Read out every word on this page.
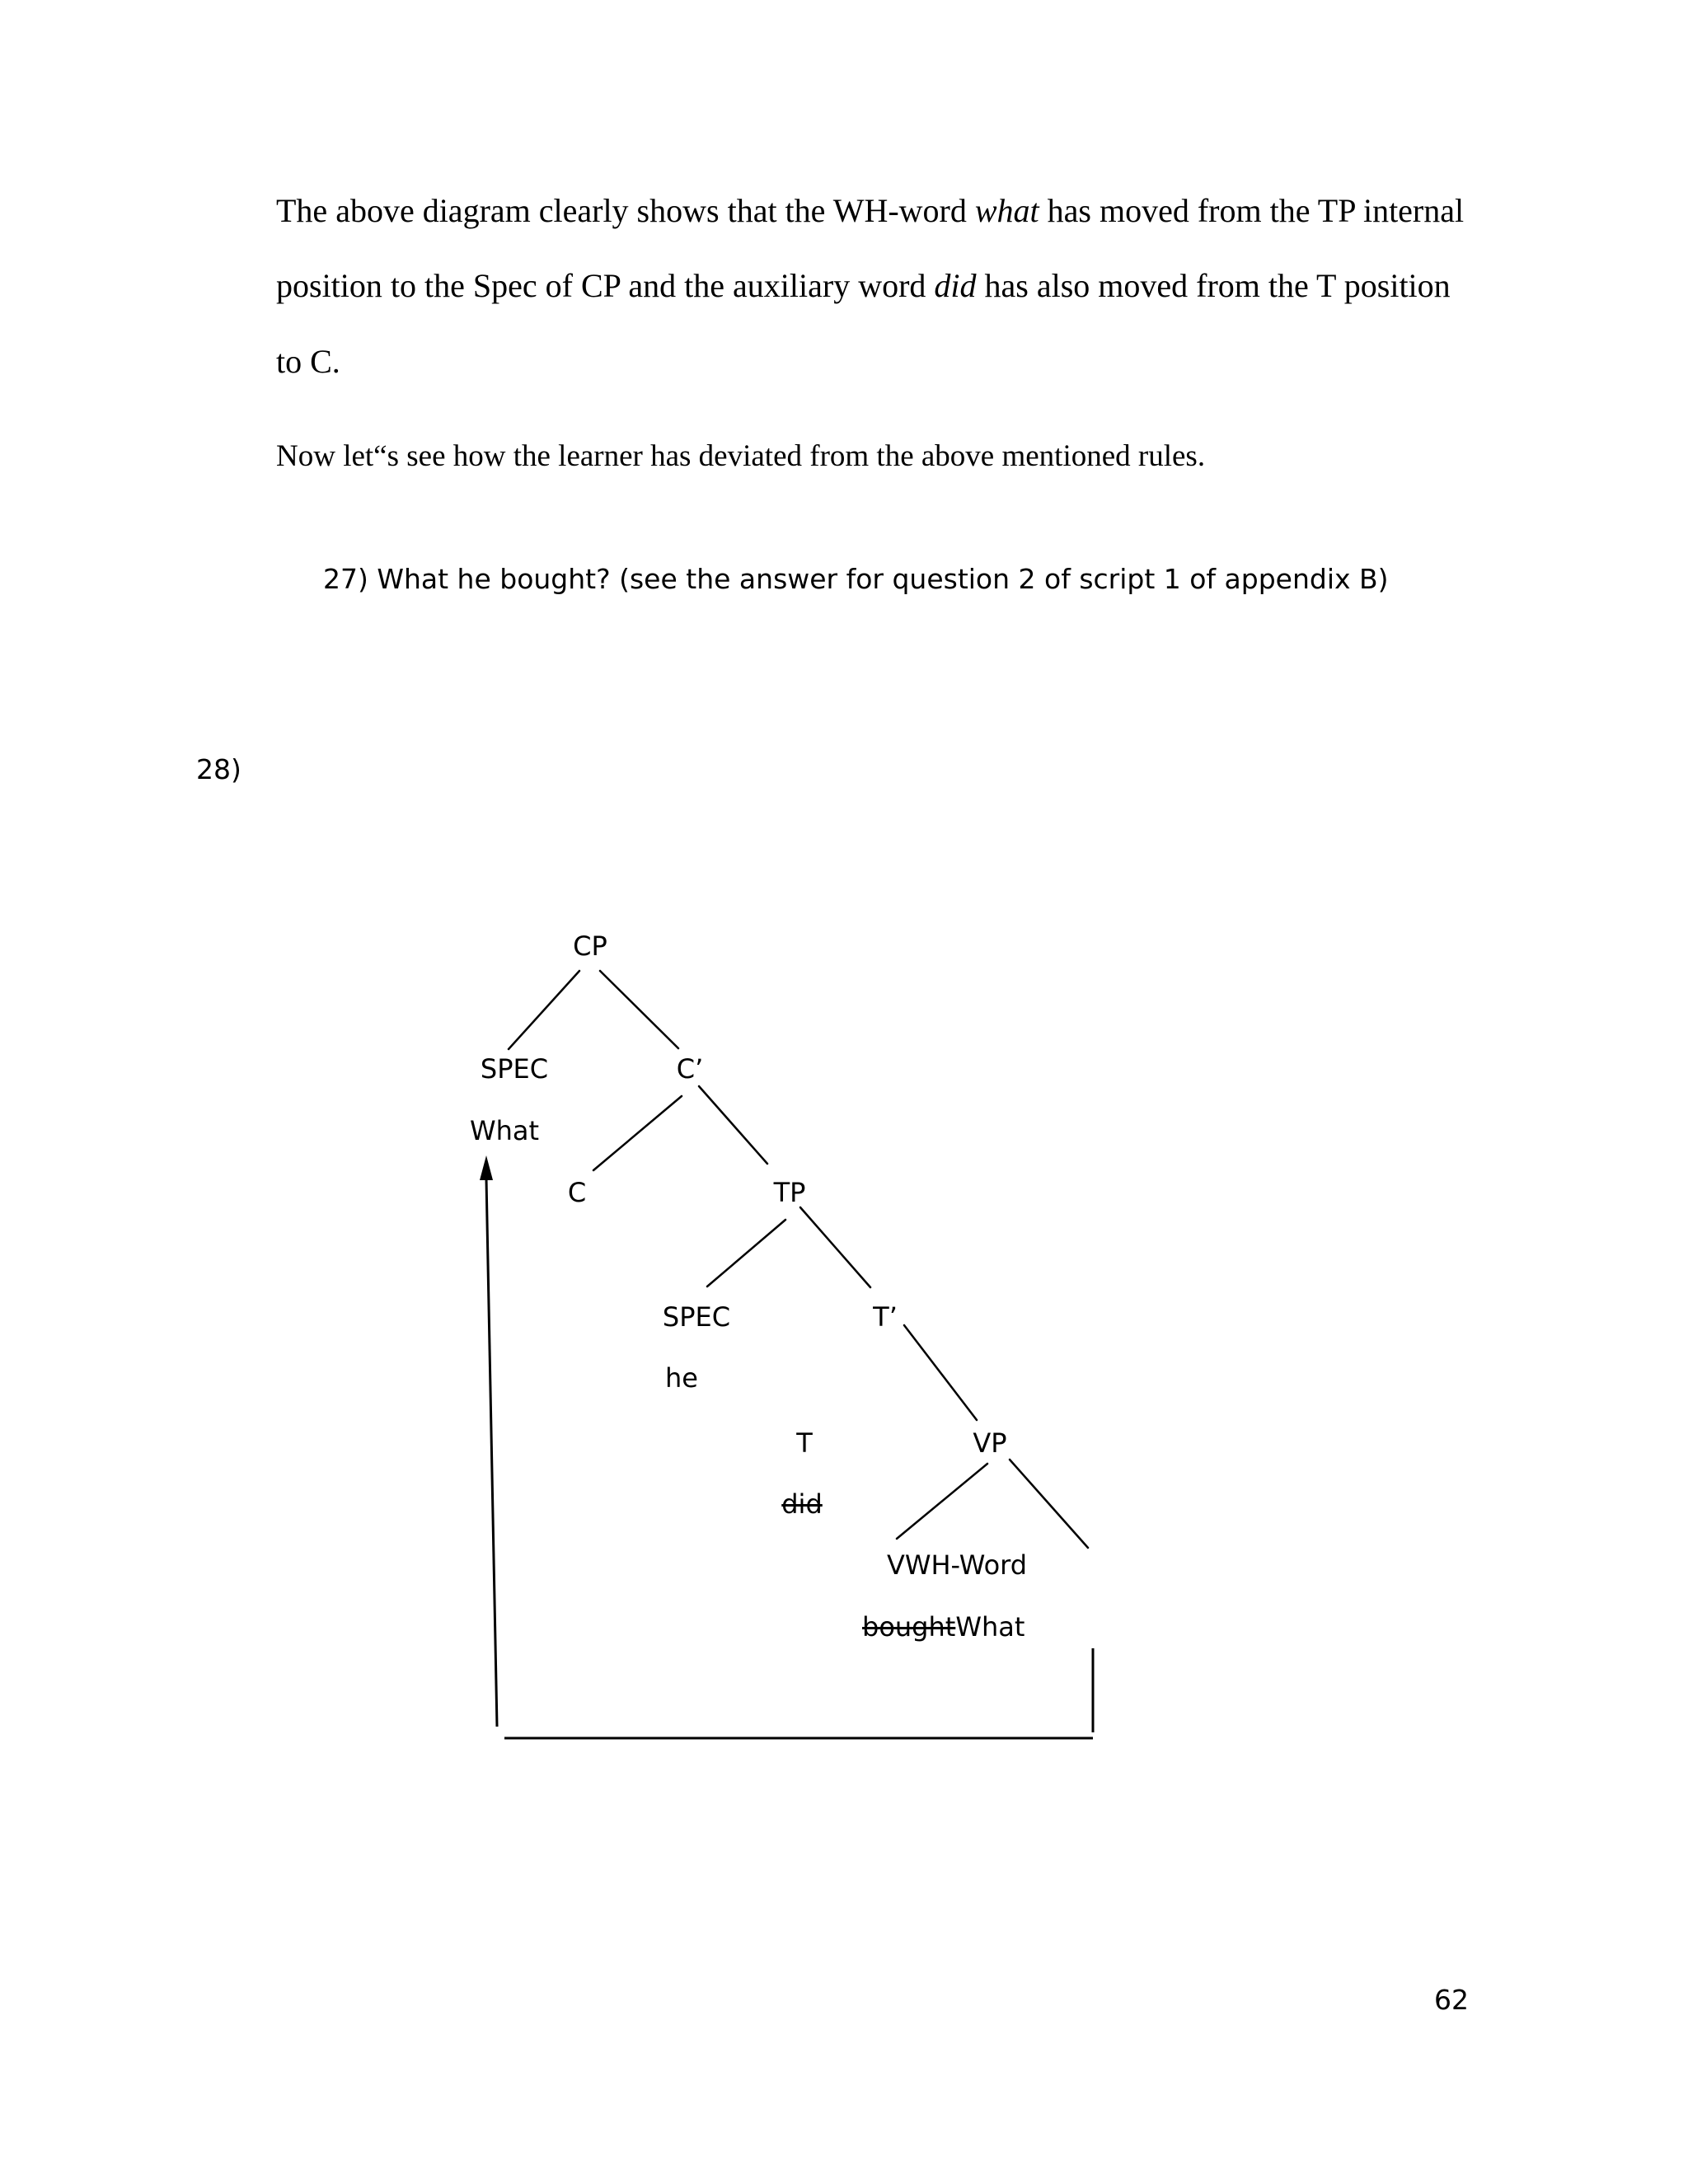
The above diagram clearly shows that the WH-word what has moved from the TP internal
position to the Spec of CP and the auxiliary word did has also moved from the T position
to C.
Now let“s see how the learner has deviated from the above mentioned rules.
27) What he bought? (see the answer for question 2 of script 1 of appendix B)
28)
CP
SPEC
What
C’
C	TP
SPEC
he
T’
T
did
VP
VWH-Word
boughtWhat
62
